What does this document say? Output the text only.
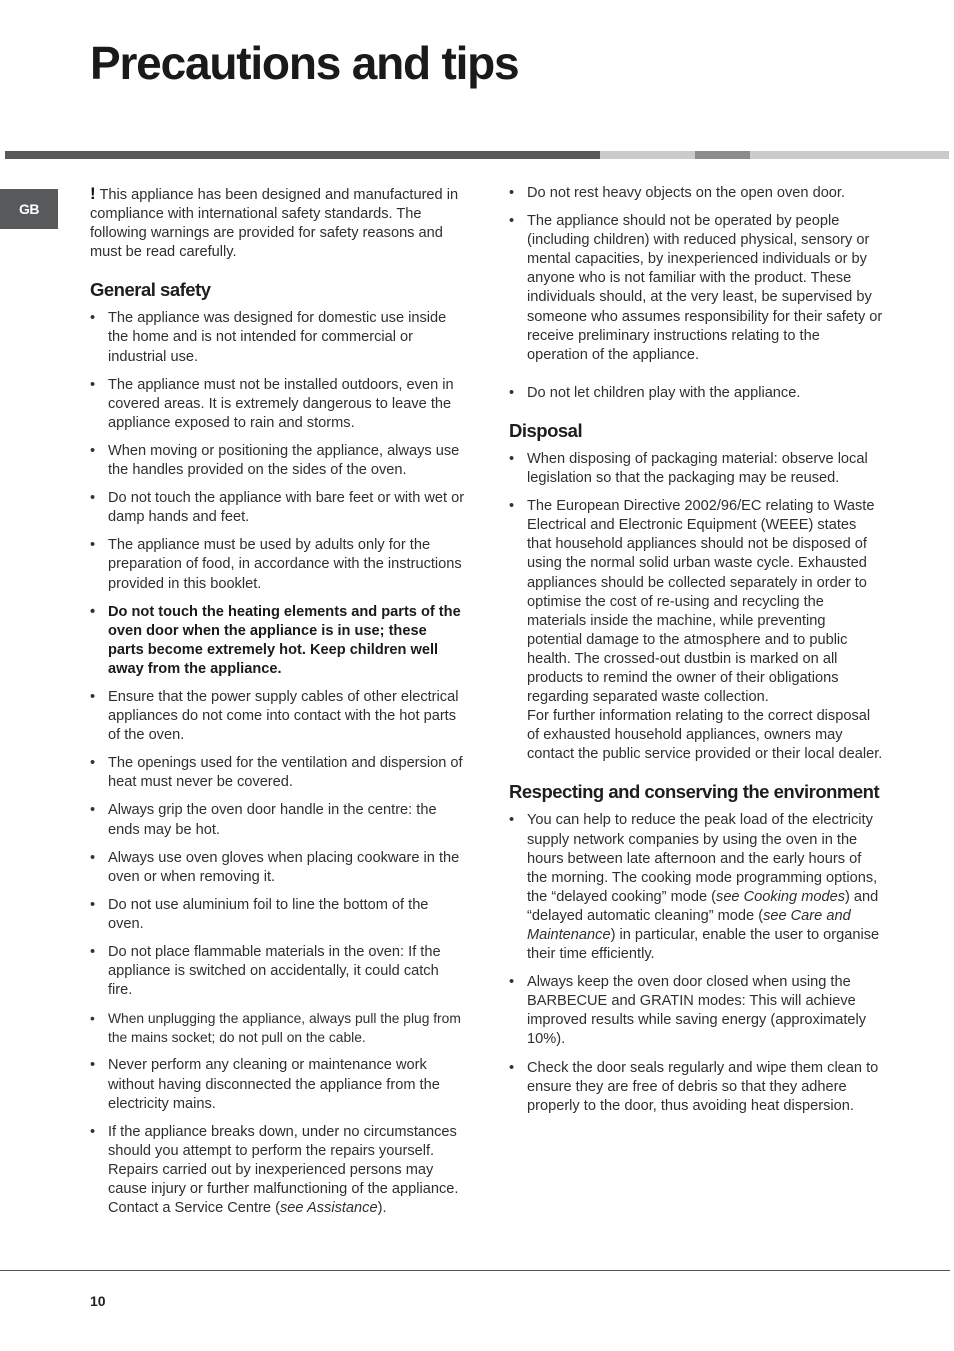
Precautions and tips
GB

! This appliance has been designed and manufactured in compliance with international safety standards. The following warnings are provided for safety reasons and must be read carefully.

General safety
• The appliance was designed for domestic use inside the home and is not intended for commercial or industrial use.
• The appliance must not be installed outdoors, even in covered areas. It is extremely dangerous to leave the appliance exposed to rain and storms.
• When moving or positioning the appliance, always use the handles provided on the sides of the oven.
• Do not touch the appliance with bare feet or with wet or damp hands and feet.
• The appliance must be used by adults only for the preparation of food, in accordance with the instructions provided in this booklet.
• Do not touch the heating elements and parts of the oven door when the appliance is in use; these parts become extremely hot. Keep children well away from the appliance.
• Ensure that the power supply cables of other electrical appliances do not come into contact with the hot parts of the oven.
• The openings used for the ventilation and dispersion of heat must never be covered.
• Always grip the oven door handle in the centre: the ends may be hot.
• Always use oven gloves when placing cookware in the oven or when removing it.
• Do not use aluminium foil to line the bottom of the oven.
• Do not place flammable materials in the oven: If the appliance is switched on accidentally, it could catch fire.
• When unplugging the appliance, always pull the plug from the mains socket; do not pull on the cable.
• Never perform any cleaning or maintenance work without having disconnected the appliance from the electricity mains.
• If the appliance breaks down, under no circumstances should you attempt to perform the repairs yourself. Repairs carried out by inexperienced persons may cause injury or further malfunctioning of the appliance. Contact a Service Centre (see Assistance).
• Do not rest heavy objects on the open oven door.
• The appliance should not be operated by people (including children) with reduced physical, sensory or mental capacities, by inexperienced individuals or by anyone who is not familiar with the product. These individuals should, at the very least, be supervised by someone who assumes responsibility for their safety or receive preliminary instructions relating to the operation of the appliance.
• Do not let children play with the appliance.
Disposal
• When disposing of packaging material: observe local legislation so that the packaging may be reused.
• The European Directive 2002/96/EC relating to Waste Electrical and Electronic Equipment (WEEE) states that household appliances should not be disposed of using the normal solid urban waste cycle. Exhausted appliances should be collected separately in order to optimise the cost of re-using and recycling the materials inside the machine, while preventing potential damage to the atmosphere and to public health. The crossed-out dustbin is marked on all products to remind the owner of their obligations regarding separated waste collection.
For further information relating to the correct disposal of exhausted household appliances, owners may contact the public service provided or their local dealer.
Respecting and conserving the environment
• You can help to reduce the peak load of the electricity supply network companies by using the oven in the hours between late afternoon and the early hours of the morning. The cooking mode programming options, the “delayed cooking” mode (see Cooking modes) and “delayed automatic cleaning” mode (see Care and Maintenance) in particular, enable the user to organise their time efficiently.
• Always keep the oven door closed when using the BARBECUE and GRATIN modes: This will achieve improved results while saving energy (approximately 10%).
• Check the door seals regularly and wipe them clean to ensure they are free of debris so that they adhere properly to the door, thus avoiding heat dispersion.
10
